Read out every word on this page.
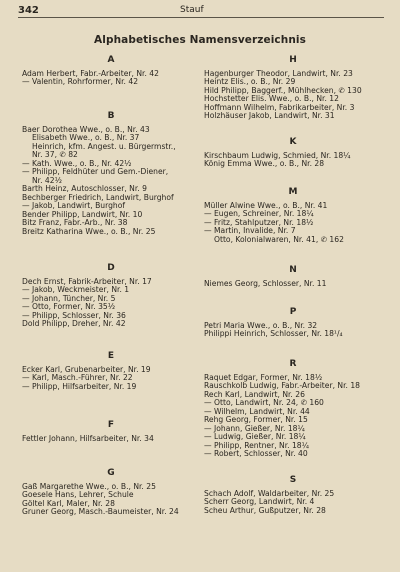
342	Stauf
Alphabetisches Namensverzeichnis
A
Adam Herbert, Fabr.-Arbeiter, Nr. 42
— Valentin, Rohrformer, Nr. 42
B
Baer Dorothea Wwe., o. B., Nr. 43
Elisabeth Wwe., o. B., Nr. 37
Heinrich, kfm. Angest. u. Bürgermstr.,
Nr. 37, ✆ 82
— Kath. Wwe., o. B., Nr. 42½
— Philipp, Feldhüter und Gem.-Diener,
Nr. 42½
Barth Heinz, Autoschlosser, Nr. 9
Bechberger Friedrich, Landwirt, Burghof
— Jakob, Landwirt, Burghof
Bender Philipp, Landwirt, Nr. 10
Bitz Franz, Fabr.-Arb., Nr. 38
Breitz Katharina Wwe., o. B., Nr. 25
D
Dech Ernst, Fabrik-Arbeiter, Nr. 17
— Jakob, Weckmeister, Nr. 1
— Johann, Tüncher, Nr. 5
— Otto, Former, Nr. 35½
— Philipp, Schlosser, Nr. 36
Dold Philipp, Dreher, Nr. 42
E
Ecker Karl, Grubenarbeiter, Nr. 19
— Karl, Masch.-Führer, Nr. 22
— Philipp, Hilfsarbeiter, Nr. 19
F
Fettler Johann, Hilfsarbeiter, Nr. 34
G
Gaß Margarethe Wwe., o. B., Nr. 25
Goesele Hans, Lehrer, Schule
Göltel Karl, Maler, Nr. 28
Gruner Georg, Masch.-Baumeister, Nr. 24
H
Hagenburger Theodor, Landwirt, Nr. 23
Heintz Elis., o. B., Nr. 29
Hild Philipp, Baggerf., Mühlhecken, ✆ 130
Hochstetter Elis. Wwe., o. B., Nr. 12
Hoffmann Wilhelm, Fabrikarbeiter, Nr. 3
Holzhäuser Jakob, Landwirt, Nr. 31
K
Kirschbaum Ludwig, Schmied, Nr. 18¼
König Emma Wwe., o. B., Nr. 28
M
Müller Alwine Wwe., o. B., Nr. 41
— Eugen, Schreiner, Nr. 18¼
— Fritz, Stahlputzer, Nr. 18½
— Martin, Invalide, Nr. 7
Otto, Kolonialwaren, Nr. 41, ✆ 162
N
Niemes Georg, Schlosser, Nr. 11
P
Petri Maria Wwe., o. B., Nr. 32
Philippi Heinrich, Schlosser, Nr. 18¹/₄
R
Raquet Edgar, Former, Nr. 18½
Rauschkolb Ludwig, Fabr.-Arbeiter, Nr. 18
Rech Karl, Landwirt, Nr. 26
— Otto, Landwirt, Nr. 24, ✆ 160
— Wilhelm, Landwirt, Nr. 44
Rehg Georg, Former, Nr. 15
— Johann, Gießer, Nr. 18¼
— Ludwig, Gießer, Nr. 18¼
— Philipp, Rentner, Nr. 18¼
— Robert, Schlosser, Nr. 40
S
Schach Adolf, Waldarbeiter, Nr. 25
Scherr Georg, Landwirt, Nr. 4
Scheu Arthur, Gußputzer, Nr. 28
